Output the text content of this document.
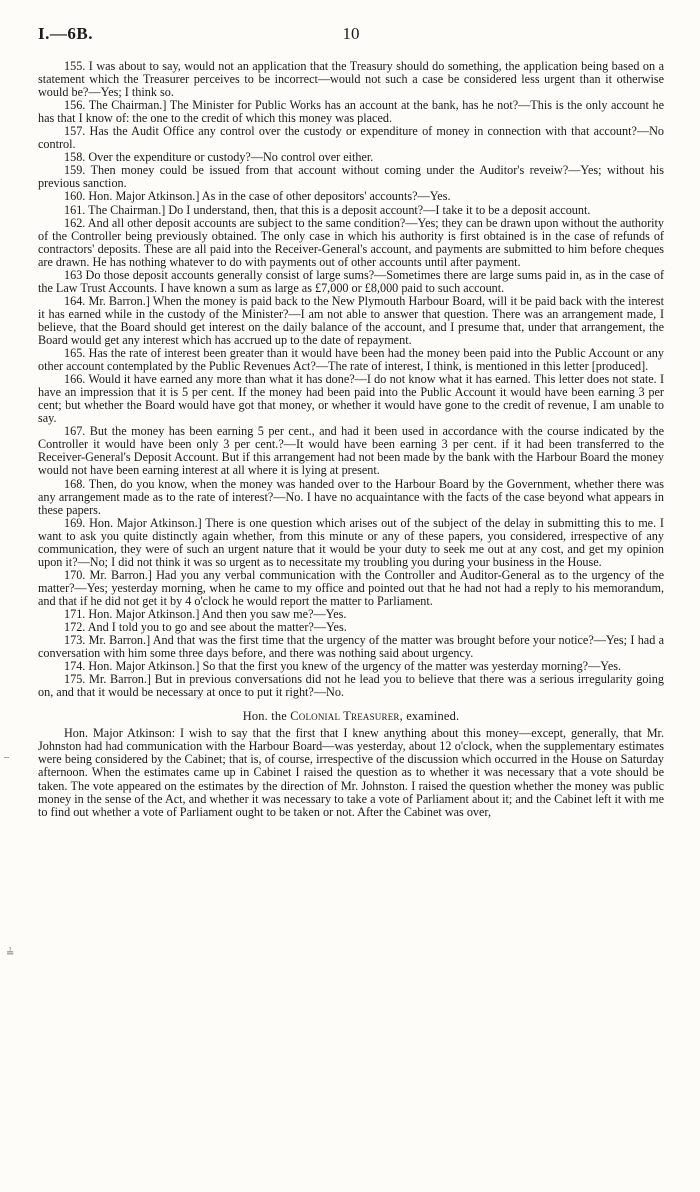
I.—6B.	10

155. I was about to say, would not an application that the Treasury should do something, the application being based on a statement which the Treasurer perceives to be incorrect—would not such a case be considered less urgent than it otherwise would be?—Yes; I think so.

156. The Chairman.] The Minister for Public Works has an account at the bank, has he not?—This is the only account he has that I know of: the one to the credit of which this money was placed.

157. Has the Audit Office any control over the custody or expenditure of money in connection with that account?—No control.

158. Over the expenditure or custody?—No control over either.

159. Then money could be issued from that account without coming under the Auditor's reveiw?—Yes; without his previous sanction.

160. Hon. Major Atkinson.] As in the case of other depositors' accounts?—Yes.

161. The Chairman.] Do I understand, then, that this is a deposit account?—I take it to be a deposit account.

162. And all other deposit accounts are subject to the same condition?—Yes; they can be drawn upon without the authority of the Controller being previously obtained. The only case in which his authority is first obtained is in the case of refunds of contractors' deposits. These are all paid into the Receiver-General's account, and payments are submitted to him before cheques are drawn. He has nothing whatever to do with payments out of other accounts until after payment.

163 Do those deposit accounts generally consist of large sums?—Sometimes there are large sums paid in, as in the case of the Law Trust Accounts. I have known a sum as large as £7,000 or £8,000 paid to such account.

164. Mr. Barron.] When the money is paid back to the New Plymouth Harbour Board, will it be paid back with the interest it has earned while in the custody of the Minister?—I am not able to answer that question. There was an arrangement made, I believe, that the Board should get interest on the daily balance of the account, and I presume that, under that arrangement, the Board would get any interest which has accrued up to the date of repayment.

165. Has the rate of interest been greater than it would have been had the money been paid into the Public Account or any other account contemplated by the Public Revenues Act?—The rate of interest, I think, is mentioned in this letter [produced].

166. Would it have earned any more than what it has done?—I do not know what it has earned. This letter does not state. I have an impression that it is 5 per cent. If the money had been paid into the Public Account it would have been earning 3 per cent; but whether the Board would have got that money, or whether it would have gone to the credit of revenue, I am unable to say.

167. But the money has been earning 5 per cent., and had it been used in accordance with the course indicated by the Controller it would have been only 3 per cent.?—It would have been earning 3 per cent. if it had been transferred to the Receiver-General's Deposit Account. But if this arrangement had not been made by the bank with the Harbour Board the money would not have been earning interest at all where it is lying at present.

168. Then, do you know, when the money was handed over to the Harbour Board by the Government, whether there was any arrangement made as to the rate of interest?—No. I have no acquaintance with the facts of the case beyond what appears in these papers.

169. Hon. Major Atkinson.] There is one question which arises out of the subject of the delay in submitting this to me. I want to ask you quite distinctly again whether, from this minute or any of these papers, you considered, irrespective of any communication, they were of such an urgent nature that it would be your duty to seek me out at any cost, and get my opinion upon it?—No; I did not think it was so urgent as to necessitate my troubling you during your business in the House.

170. Mr. Barron.] Had you any verbal communication with the Controller and Auditor-General as to the urgency of the matter?—Yes; yesterday morning, when he came to my office and pointed out that he had not had a reply to his memorandum, and that if he did not get it by 4 o'clock he would report the matter to Parliament.

171. Hon. Major Atkinson.] And then you saw me?—Yes.

172. And I told you to go and see about the matter?—Yes.

173. Mr. Barron.] And that was the first time that the urgency of the matter was brought before your notice?—Yes; I had a conversation with him some three days before, and there was nothing said about urgency.

174. Hon. Major Atkinson.] So that the first you knew of the urgency of the matter was yesterday morning?—Yes.

175. Mr. Barron.] But in previous conversations did not he lead you to believe that there was a serious irregularity going on, and that it would be necessary at once to put it right?—No.

Hon. the Colonial Treasurer, examined.

Hon. Major Atkinson: I wish to say that the first that I knew anything about this money—except, generally, that Mr. Johnston had had communication with the Harbour Board—was yesterday, about 12 o'clock, when the supplementary estimates were being considered by the Cabinet; that is, of course, irrespective of the discussion which occurred in the House on Saturday afternoon. When the estimates came up in Cabinet I raised the question as to whether it was necessary that a vote should be taken. The vote appeared on the estimates by the direction of Mr. Johnston. I raised the question whether the money was public money in the sense of the Act, and whether it was necessary to take a vote of Parliament about it; and the Cabinet left it with me to find out whether a vote of Parliament ought to be taken or not. After the Cabinet was over,

–
≟
